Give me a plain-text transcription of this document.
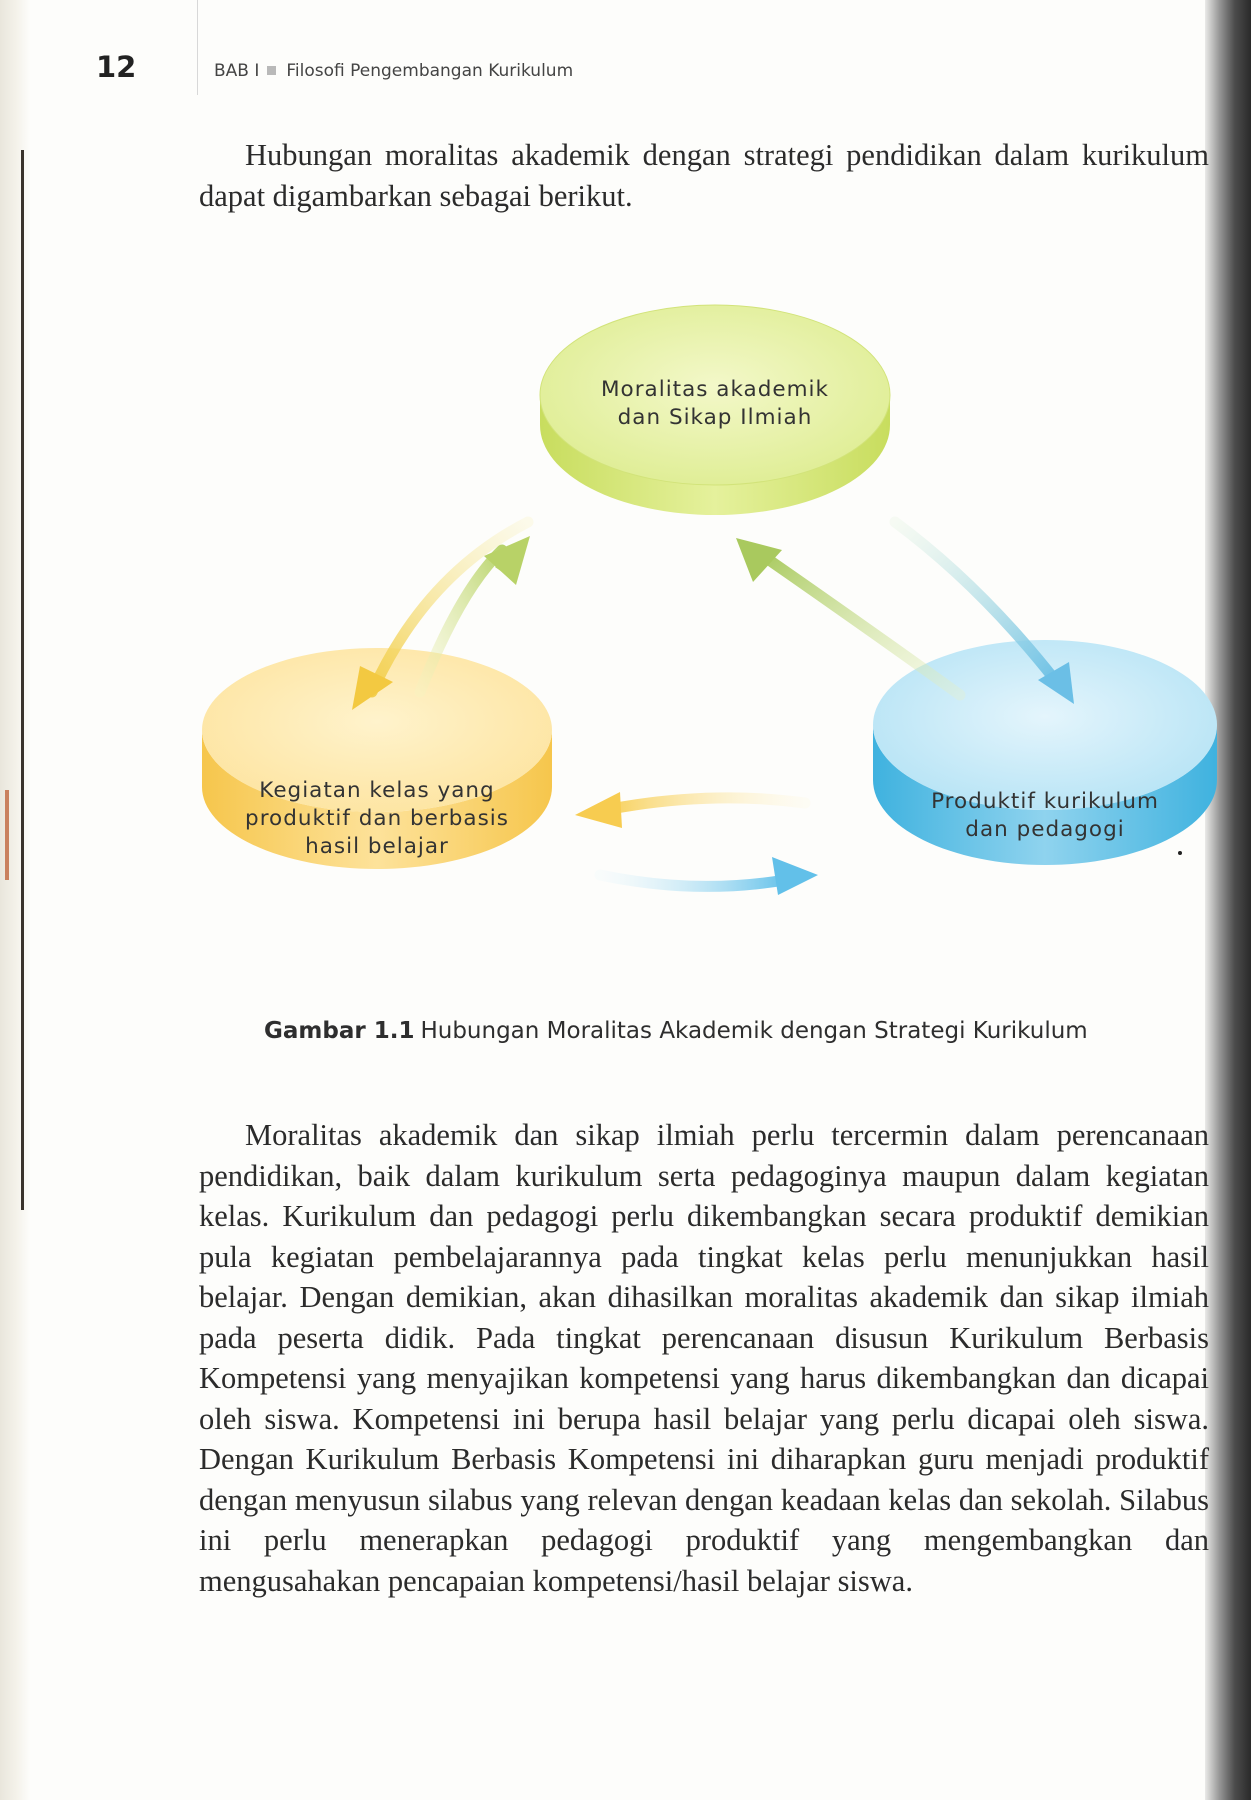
12	BAB I Filosofi Pengembangan Kurikulum

Hubungan moralitas akademik dengan strategi pendidikan dalam kurikulum dapat digambarkan sebagai berikut.

Moralitas akademik
dan Sikap Ilmiah
Kegiatan kelas yang
produktif dan berbasis
hasil belajar
Produktif kurikulum
dan pedagogi
Gambar 1.1 Hubungan Moralitas Akademik dengan Strategi Kurikulum

Moralitas akademik dan sikap ilmiah perlu tercermin dalam perencanaan pendidikan, baik dalam kurikulum serta pedagoginya maupun dalam kegiatan kelas. Kurikulum dan pedagogi perlu dikembangkan secara produktif demikian pula kegiatan pembelajarannya pada tingkat kelas perlu menunjukkan hasil belajar. Dengan demikian, akan dihasilkan moralitas akademik dan sikap ilmiah pada peserta didik. Pada tingkat perencanaan disusun Kurikulum Berbasis Kompetensi yang menyajikan kompetensi yang harus dikembangkan dan dicapai oleh siswa. Kompetensi ini berupa hasil belajar yang perlu dicapai oleh siswa. Dengan Kurikulum Berbasis Kompetensi ini diharapkan guru menjadi produktif dengan menyusun silabus yang relevan dengan keadaan kelas dan sekolah. Silabus ini perlu menerapkan pedagogi produktif yang mengembangkan dan mengusahakan pencapaian kompetensi/hasil belajar siswa.
